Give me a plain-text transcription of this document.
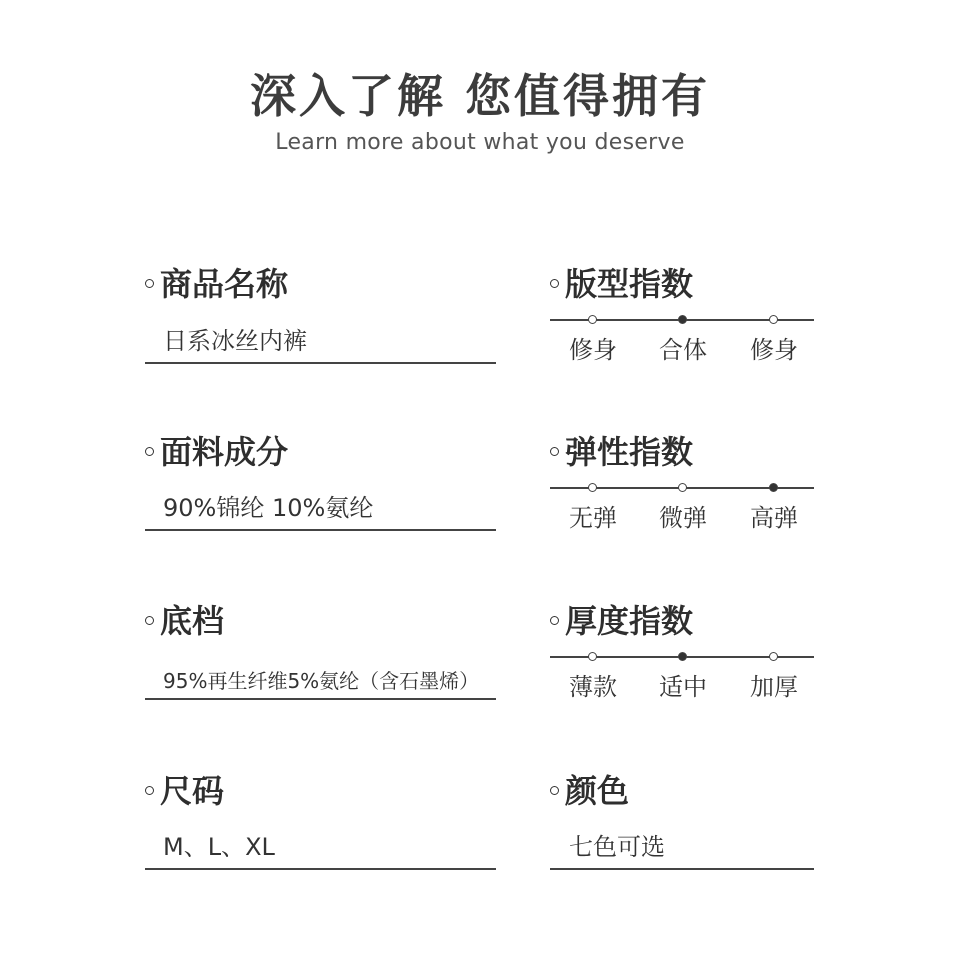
深入了解 您值得拥有
Learn more about what you deserve
商品名称
日系冰丝内裤
面料成分
90%锦纶 10%氨纶
底档
95%再生纤维5%氨纶（含石墨烯）
尺码
M、L、XL
版型指数
修身	合体	修身
弹性指数
无弹	微弹	高弹
厚度指数
薄款	适中	加厚
颜色
七色可选
